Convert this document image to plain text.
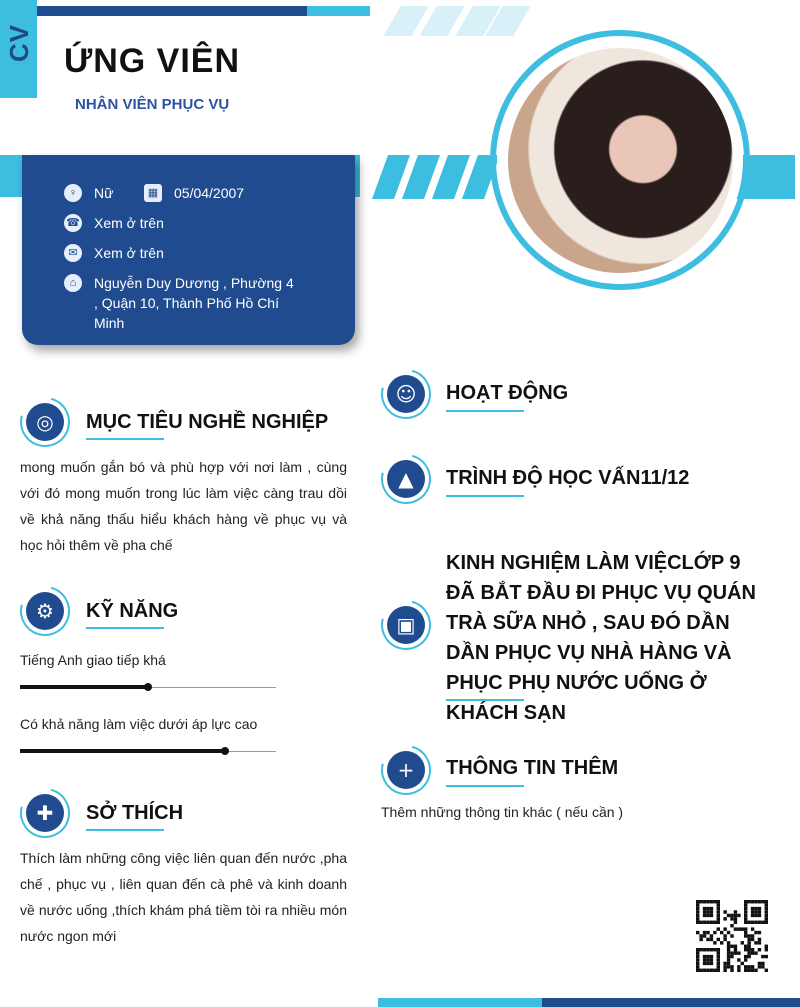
CV ỨNG VIÊN
NHÂN VIÊN PHỤC VỤ
♀	Nữ	▦ 05/04/2007
☎ Xem ở trên
✉	Xem ở trên
⌂	Nguyễn Duy Dương , Phường 4 , Quận 10, Thành Phố Hồ Chí Minh
◎	MỤC TIÊU NGHỀ NGHIỆP
mong muốn gắn bó và phù hợp với nơi làm , cùng với đó mong muốn trong lúc làm việc càng trau dồi về khả năng thấu hiểu khách hàng về phục vụ và học hỏi thêm về pha chế
⚙	KỸ NĂNG
Tiếng Anh giao tiếp khá
Có khả năng làm việc dưới áp lực cao
✚	SỞ THÍCH
Thích làm những công việc liên quan đến nước ,pha chế , phục vụ , liên quan đến cà phê và kinh doanh về nước uống ,thích khám phá tiềm tòi ra nhiều món nước ngon mới
☺	HOẠT ĐỘNG
▲	TRÌNH ĐỘ HỌC VẤN11/12
▣
KINH NGHIỆM LÀM VIỆCLỚP 9 ĐÃ BẮT ĐẦU ĐI PHỤC VỤ QUÁN TRÀ SỮA NHỎ , SAU ĐÓ DẦN DẦN PHỤC VỤ NHÀ HÀNG VÀ PHỤC PHỤ NƯỚC UỐNG Ở KHÁCH SẠN
+	THÔNG TIN THÊM
Thêm những thông tin khác ( nếu cần )
